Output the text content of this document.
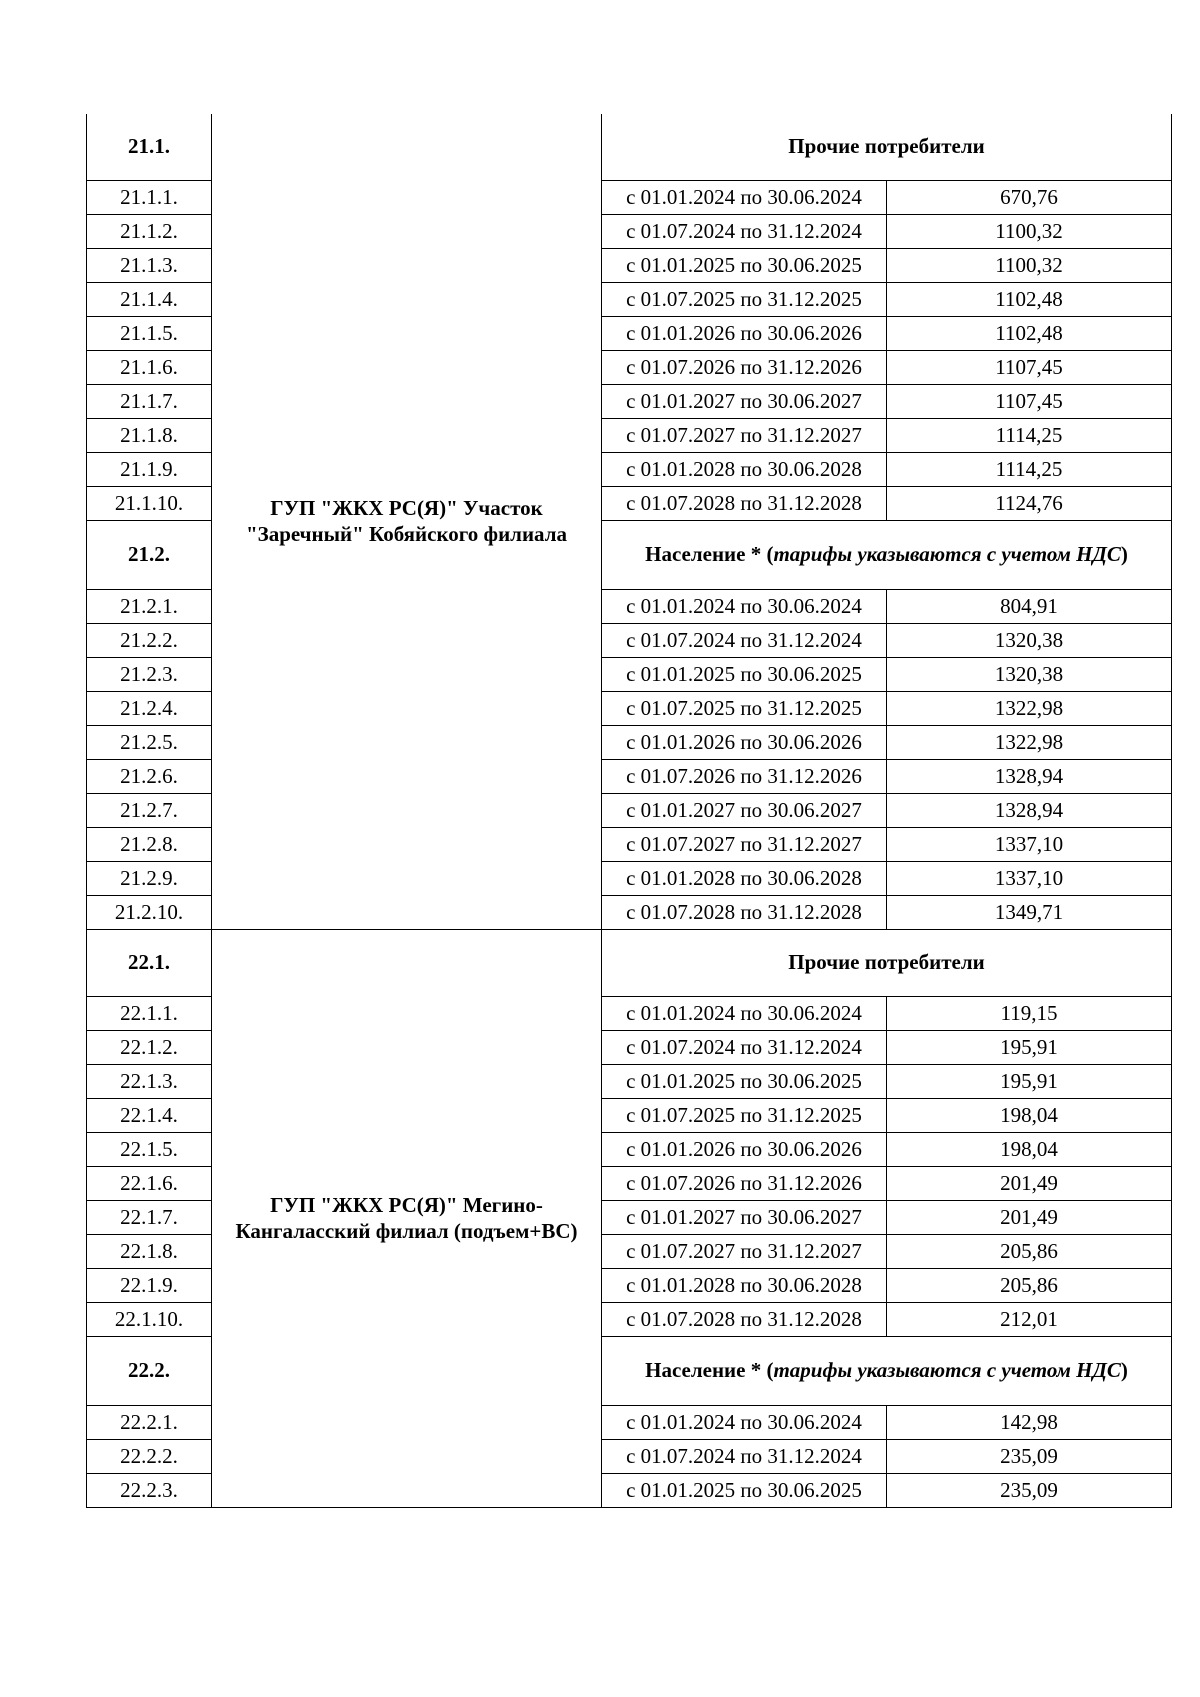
21.1.	ГУП "ЖКХ РС(Я)" Участок "Заречный" Кобяйского филиала	Прочие потребители	
21.1.1.		с 01.01.2024 по 30.06.2024	670,76
21.1.2.		с 01.07.2024 по 31.12.2024	1100,32
21.1.3.		с 01.01.2025 по 30.06.2025	1100,32
21.1.4.		с 01.07.2025 по 31.12.2025	1102,48
21.1.5.		с 01.01.2026 по 30.06.2026	1102,48
21.1.6.		с 01.07.2026 по 31.12.2026	1107,45
21.1.7.		с 01.01.2027 по 30.06.2027	1107,45
21.1.8.		с 01.07.2027 по 31.12.2027	1114,25
21.1.9.		с 01.01.2028 по 30.06.2028	1114,25
21.1.10.		с 01.07.2028 по 31.12.2028	1124,76
21.2.		Население * (тарифы указываются с учетом НДС)	
21.2.1.		с 01.01.2024 по 30.06.2024	804,91
21.2.2.		с 01.07.2024 по 31.12.2024	1320,38
21.2.3.		с 01.01.2025 по 30.06.2025	1320,38
21.2.4.		с 01.07.2025 по 31.12.2025	1322,98
21.2.5.		с 01.01.2026 по 30.06.2026	1322,98
21.2.6.		с 01.07.2026 по 31.12.2026	1328,94
21.2.7.		с 01.01.2027 по 30.06.2027	1328,94
21.2.8.		с 01.07.2027 по 31.12.2027	1337,10
21.2.9.		с 01.01.2028 по 30.06.2028	1337,10
21.2.10.		с 01.07.2028 по 31.12.2028	1349,71
22.1.	ГУП "ЖКХ РС(Я)" Мегино-Кангаласский филиал (подъем+ВС)	Прочие потребители	
22.1.1.		с 01.01.2024 по 30.06.2024	119,15
22.1.2.		с 01.07.2024 по 31.12.2024	195,91
22.1.3.		с 01.01.2025 по 30.06.2025	195,91
22.1.4.		с 01.07.2025 по 31.12.2025	198,04
22.1.5.		с 01.01.2026 по 30.06.2026	198,04
22.1.6.		с 01.07.2026 по 31.12.2026	201,49
22.1.7.		с 01.01.2027 по 30.06.2027	201,49
22.1.8.		с 01.07.2027 по 31.12.2027	205,86
22.1.9.		с 01.01.2028 по 30.06.2028	205,86
22.1.10.		с 01.07.2028 по 31.12.2028	212,01
22.2.		Население * (тарифы указываются с учетом НДС)	
22.2.1.		с 01.01.2024 по 30.06.2024	142,98
22.2.2.		с 01.07.2024 по 31.12.2024	235,09
22.2.3.		с 01.01.2025 по 30.06.2025	235,09
